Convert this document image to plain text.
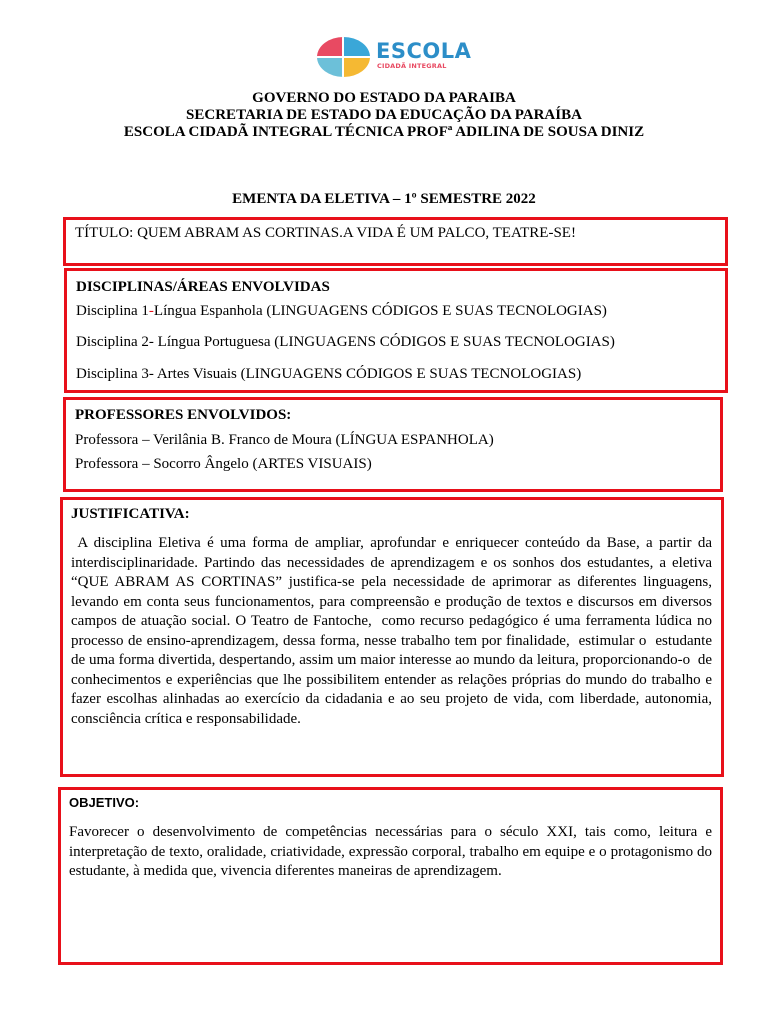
ESCOLA
CIDADÃ INTEGRAL
GOVERNO DO ESTADO DA PARAIBA
SECRETARIA DE ESTADO DA EDUCAÇÃO DA PARAÍBA
ESCOLA CIDADÃ INTEGRAL TÉCNICA PROFª ADILINA DE SOUSA DINIZ
EMENTA DA ELETIVA – 1º SEMESTRE 2022
TÍTULO: QUEM ABRAM AS CORTINAS.A VIDA É UM PALCO, TEATRE-SE!
DISCIPLINAS/ÁREAS ENVOLVIDAS
Disciplina 1-Língua Espanhola (LINGUAGENS CÓDIGOS E SUAS TECNOLOGIAS)
Disciplina 2- Língua Portuguesa (LINGUAGENS CÓDIGOS E SUAS TECNOLOGIAS)
Disciplina 3- Artes Visuais (LINGUAGENS CÓDIGOS E SUAS TECNOLOGIAS)
PROFESSORES ENVOLVIDOS:
Professora – Verilânia B. Franco de Moura (LÍNGUA ESPANHOLA)
Professora – Socorro Ângelo (ARTES VISUAIS)
JUSTIFICATIVA:
A disciplina Eletiva é uma forma de ampliar, aprofundar e enriquecer conteúdo da Base, a partir da interdisciplinaridade. Partindo das necessidades de aprendizagem e os sonhos dos estudantes, a eletiva “QUE ABRAM AS CORTINAS” justifica-se pela necessidade de aprimorar as diferentes linguagens, levando em conta seus funcionamentos, para compreensão e produção de textos e discursos em diversos campos de atuação social. O Teatro de Fantoche,  como recurso pedagógico é uma ferramenta lúdica no processo de ensino-aprendizagem, dessa forma, nesse trabalho tem por finalidade,  estimular o  estudante de uma forma divertida, despertando, assim um maior interesse ao mundo da leitura, proporcionando-o  de conhecimentos e experiências que lhe possibilitem entender as relações próprias do mundo do trabalho e fazer escolhas alinhadas ao exercício da cidadania e ao seu projeto de vida, com liberdade, autonomia, consciência crítica e responsabilidade.
OBJETIVO:
Favorecer o desenvolvimento de competências necessárias para o século XXI, tais como, leitura e interpretação de texto, oralidade, criatividade, expressão corporal, trabalho em equipe e o protagonismo do estudante, à medida que, vivencia diferentes maneiras de aprendizagem.
